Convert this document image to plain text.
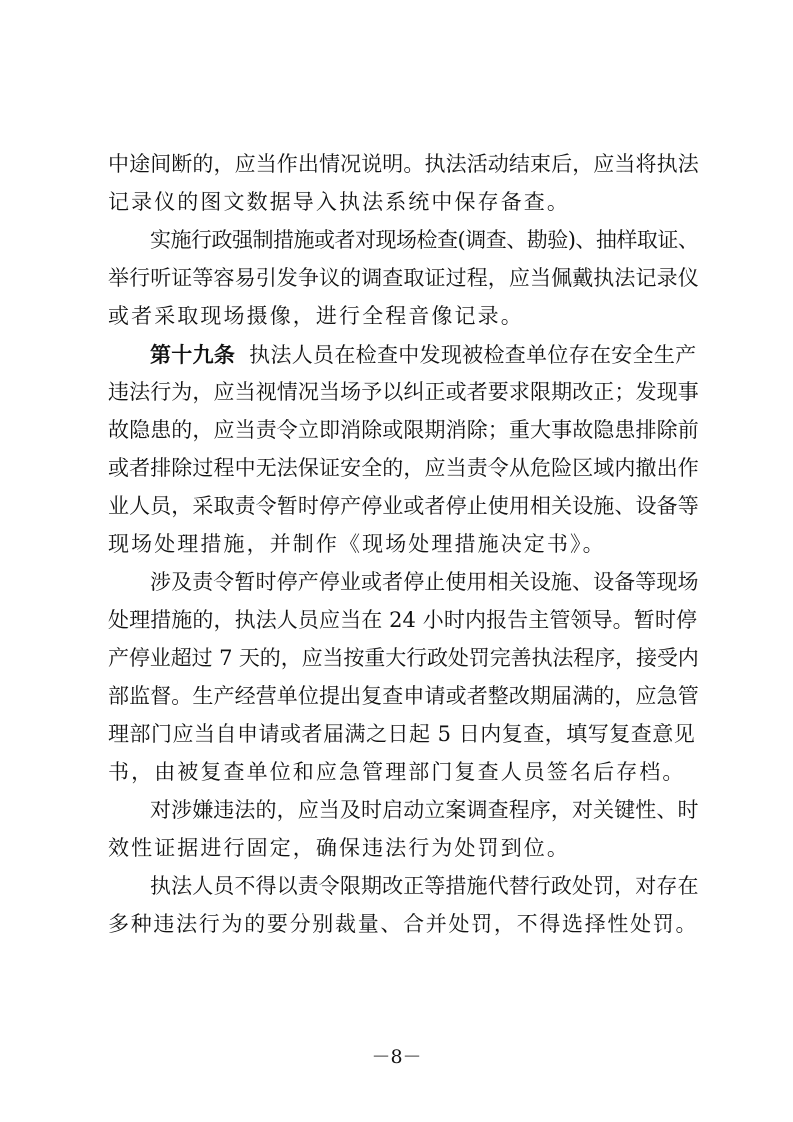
中途间断的，应当作出情况说明。执法活动结束后，应当将执法
记录仪的图文数据导入执法系统中保存备查。
实施行政强制措施或者对现场检查(调查、勘验)、抽样取证、
举行听证等容易引发争议的调查取证过程，应当佩戴执法记录仪
或者采取现场摄像，进行全程音像记录。
第十九条 执法人员在检查中发现被检查单位存在安全生产
违法行为，应当视情况当场予以纠正或者要求限期改正；发现事
故隐患的，应当责令立即消除或限期消除；重大事故隐患排除前
或者排除过程中无法保证安全的，应当责令从危险区域内撤出作
业人员，采取责令暂时停产停业或者停止使用相关设施、设备等
现场处理措施，并制作《现场处理措施决定书》。
涉及责令暂时停产停业或者停止使用相关设施、设备等现场
处理措施的，执法人员应当在 24 小时内报告主管领导。暂时停
产停业超过 7 天的，应当按重大行政处罚完善执法程序，接受内
部监督。生产经营单位提出复查申请或者整改期届满的，应急管
理部门应当自申请或者届满之日起 5 日内复查，填写复查意见
书，由被复查单位和应急管理部门复查人员签名后存档。
对涉嫌违法的，应当及时启动立案调查程序，对关键性、时
效性证据进行固定，确保违法行为处罚到位。
执法人员不得以责令限期改正等措施代替行政处罚，对存在
多种违法行为的要分别裁量、合并处罚，不得选择性处罚。
－8－
